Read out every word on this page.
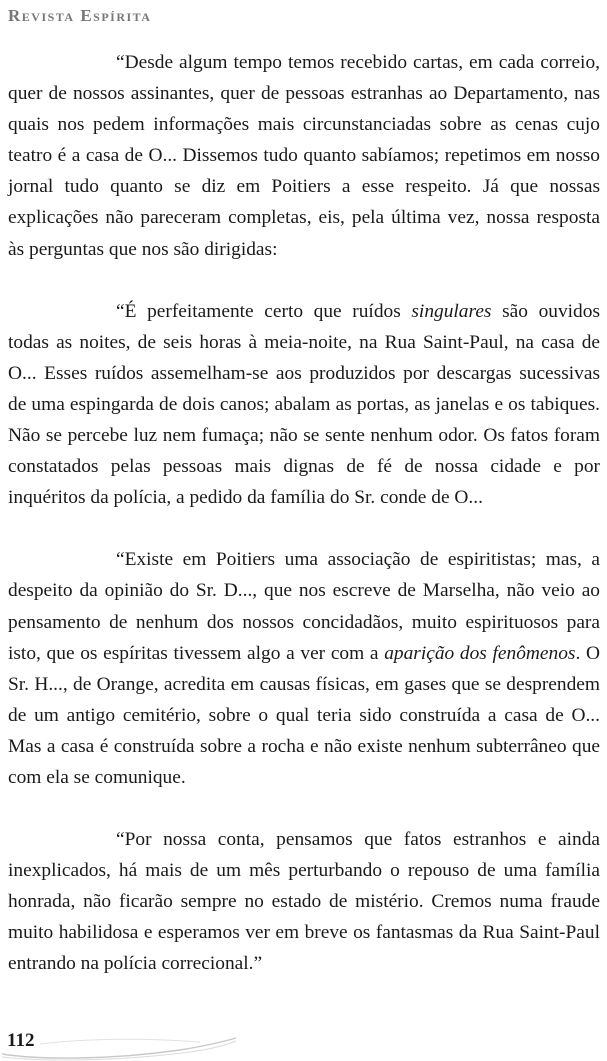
Revista Espírita

“Desde algum tempo temos recebido cartas, em cada correio, quer de nossos assinantes, quer de pessoas estranhas ao Departamento, nas quais nos pedem informações mais circunstanciadas sobre as cenas cujo teatro é a casa de O... Dissemos tudo quanto sabíamos; repetimos em nosso jornal tudo quanto se diz em Poitiers a esse respeito. Já que nossas explicações não pareceram completas, eis, pela última vez, nossa resposta às perguntas que nos são dirigidas:

“É perfeitamente certo que ruídos singulares são ouvidos todas as noites, de seis horas à meia-noite, na Rua Saint-Paul, na casa de O... Esses ruídos assemelham-se aos produzidos por descargas sucessivas de uma espingarda de dois canos; abalam as portas, as janelas e os tabiques. Não se percebe luz nem fumaça; não se sente nenhum odor. Os fatos foram constatados pelas pessoas mais dignas de fé de nossa cidade e por inquéritos da polícia, a pedido da família do Sr. conde de O...

“Existe em Poitiers uma associação de espiritistas; mas, a despeito da opinião do Sr. D..., que nos escreve de Marselha, não veio ao pensamento de nenhum dos nossos concidadãos, muito espirituosos para isto, que os espíritas tivessem algo a ver com a aparição dos fenômenos. O Sr. H..., de Orange, acredita em causas físicas, em gases que se desprendem de um antigo cemitério, sobre o qual teria sido construída a casa de O... Mas a casa é construída sobre a rocha e não existe nenhum subterrâneo que com ela se comunique.

“Por nossa conta, pensamos que fatos estranhos e ainda inexplicados, há mais de um mês perturbando o repouso de uma família honrada, não ficarão sempre no estado de mistério. Cremos numa fraude muito habilidosa e esperamos ver em breve os fantasmas da Rua Saint-Paul entrando na polícia correcional.”

112
